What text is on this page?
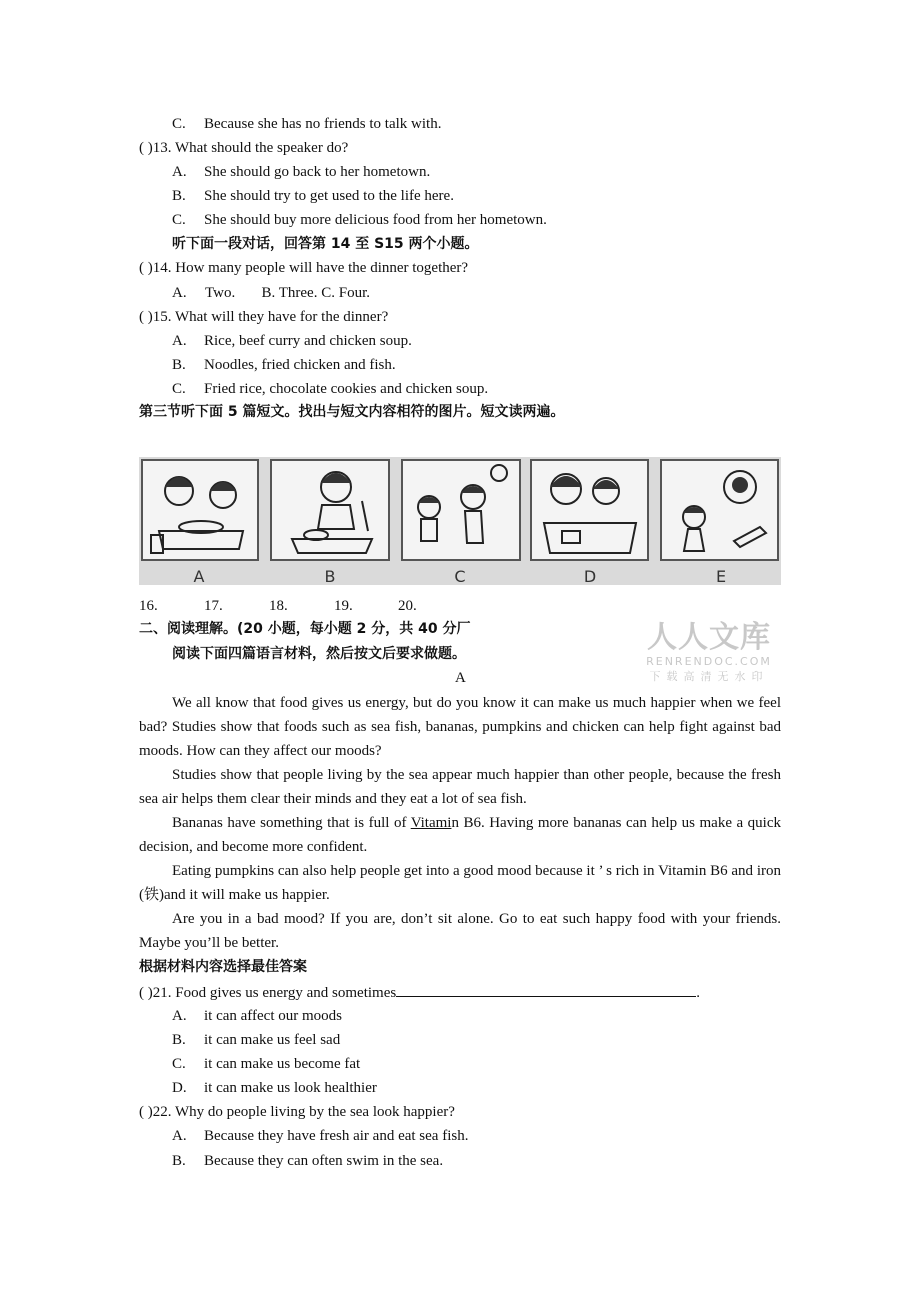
C. Because she has no friends to talk with.
( )13. What should the speaker do?
A. She should go back to her hometown.
B. She should try to get used to the life here.
C. She should buy more delicious food from her hometown.
听下面一段对话，回答第 14 至 S15 两个小题。
( )14. How many people will have the dinner together?
A.     Two.       B. Three. C. Four.
( )15. What will they have for the dinner?
A. Rice, beef curry and chicken soup.
B. Noodles, fried chicken and fish.
C. Fried rice, chocolate cookies and chicken soup.
第三节听下面 5 篇短文。找出与短文内容相符的图片。短文读两遍。
A	B	C	D	E
16.	17.	18.	19.	20.
二、阅读理解。(20 小题，每小题 2 分，共 40 分厂
阅读下面四篇语言材料，然后按文后要求做题。	人人文库
RENRENDOC.COM
下载高清无水印
A

We all know that food gives us energy, but do you know it can make us much happier when we feel bad? Studies show that foods such as sea fish, bananas, pumpkins and chicken can help fight against bad moods. How can they affect our moods?

Studies show that people living by the sea appear much happier than other people, because the fresh sea air helps them clear their minds and they eat a lot of sea fish.

Bananas have something that is full of Vitamin B6. Having more bananas can help us make a quick decision, and become more confident.

Eating pumpkins can also help people get into a good mood because it ’ s rich in Vitamin B6 and iron (铁)and it will make us happier.

Are you in a bad mood? If you are, don’t sit alone. Go to eat such happy food with your friends. Maybe you’ll be better.

根据材料内容选择最佳答案
( )21. Food gives us energy and sometimes	.
A. it can affect our moods
B. it can make us feel sad
C. it can make us become fat
D. it can make us look healthier
( )22. Why do people living by the sea look happier?
A. Because they have fresh air and eat sea fish.
B. Because they can often swim in the sea.
